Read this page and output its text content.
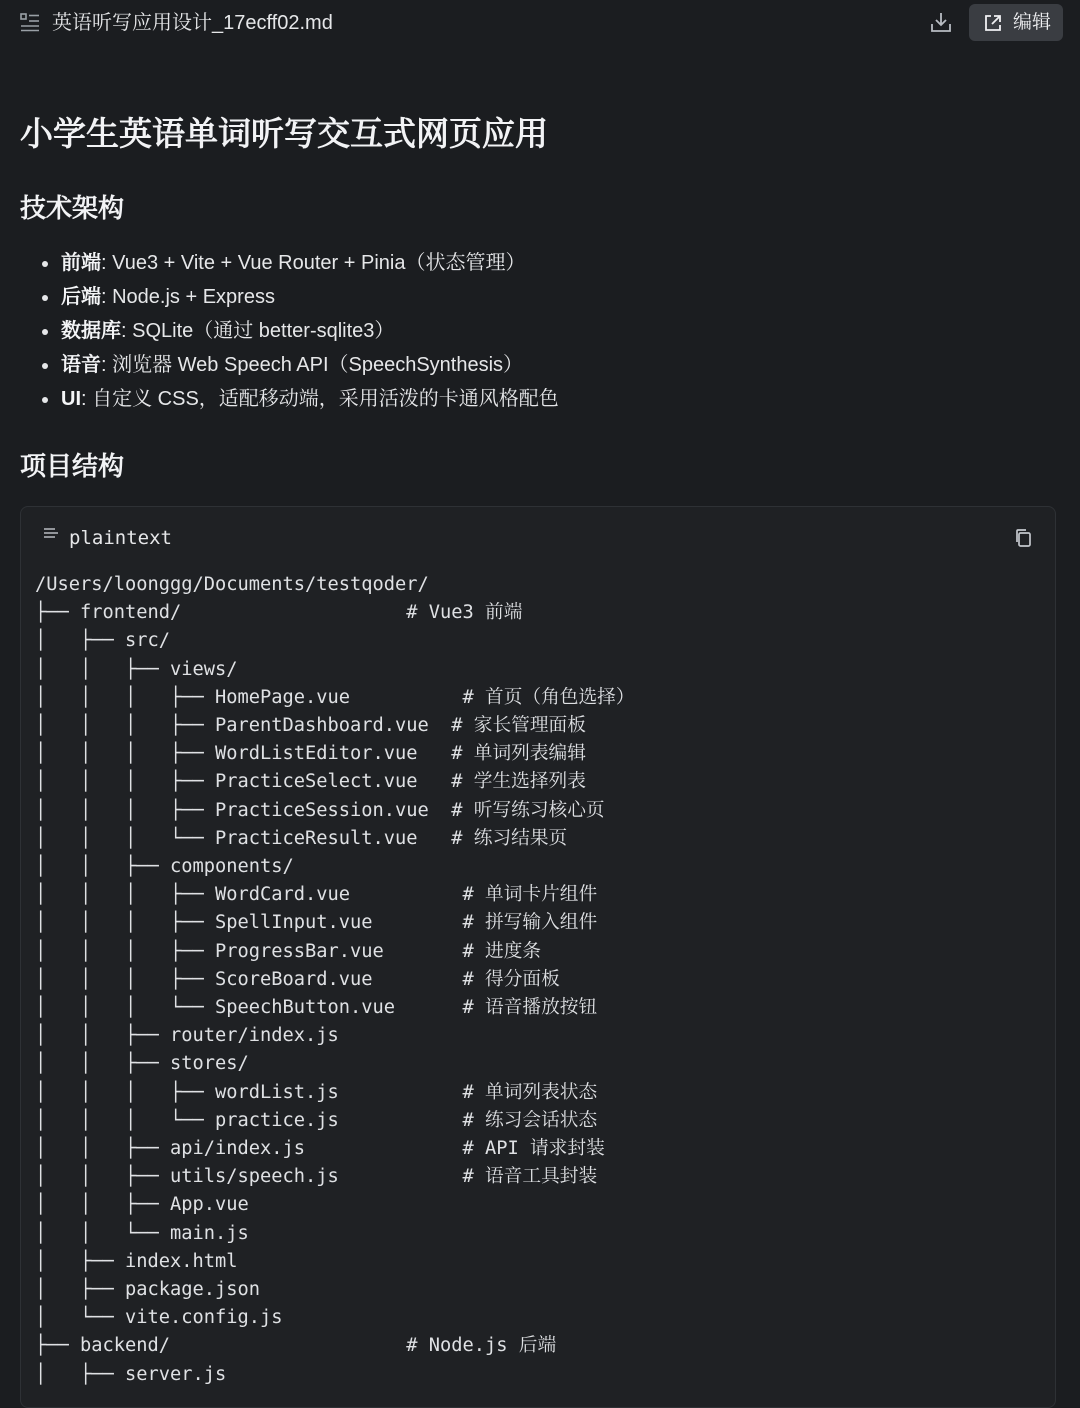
英语听写应用设计_17ecff02.md	编辑
小学生英语单词听写交互式网页应用
技术架构
前端: Vue3 + Vite + Vue Router + Pinia（状态管理）
后端: Node.js + Express
数据库: SQLite（通过 better-sqlite3）
语音: 浏览器 Web Speech API（SpeechSynthesis）
UI: 自定义 CSS，适配移动端，采用活泼的卡通风格配色
项目结构
plaintext
/Users/loonggg/Documents/testqoder/
├── frontend/                    # Vue3 前端
│   ├── src/
│   │   ├── views/
│   │   │   ├── HomePage.vue          # 首页（角色选择）
│   │   │   ├── ParentDashboard.vue  # 家长管理面板
│   │   │   ├── WordListEditor.vue   # 单词列表编辑
│   │   │   ├── PracticeSelect.vue   # 学生选择列表
│   │   │   ├── PracticeSession.vue  # 听写练习核心页
│   │   │   └── PracticeResult.vue   # 练习结果页
│   │   ├── components/
│   │   │   ├── WordCard.vue          # 单词卡片组件
│   │   │   ├── SpellInput.vue        # 拼写输入组件
│   │   │   ├── ProgressBar.vue       # 进度条
│   │   │   ├── ScoreBoard.vue        # 得分面板
│   │   │   └── SpeechButton.vue      # 语音播放按钮
│   │   ├── router/index.js
│   │   ├── stores/
│   │   │   ├── wordList.js           # 单词列表状态
│   │   │   └── practice.js           # 练习会话状态
│   │   ├── api/index.js              # API 请求封装
│   │   ├── utils/speech.js           # 语音工具封装
│   │   ├── App.vue
│   │   └── main.js
│   ├── index.html
│   ├── package.json
│   └── vite.config.js
├── backend/                     # Node.js 后端
│   ├── server.js
